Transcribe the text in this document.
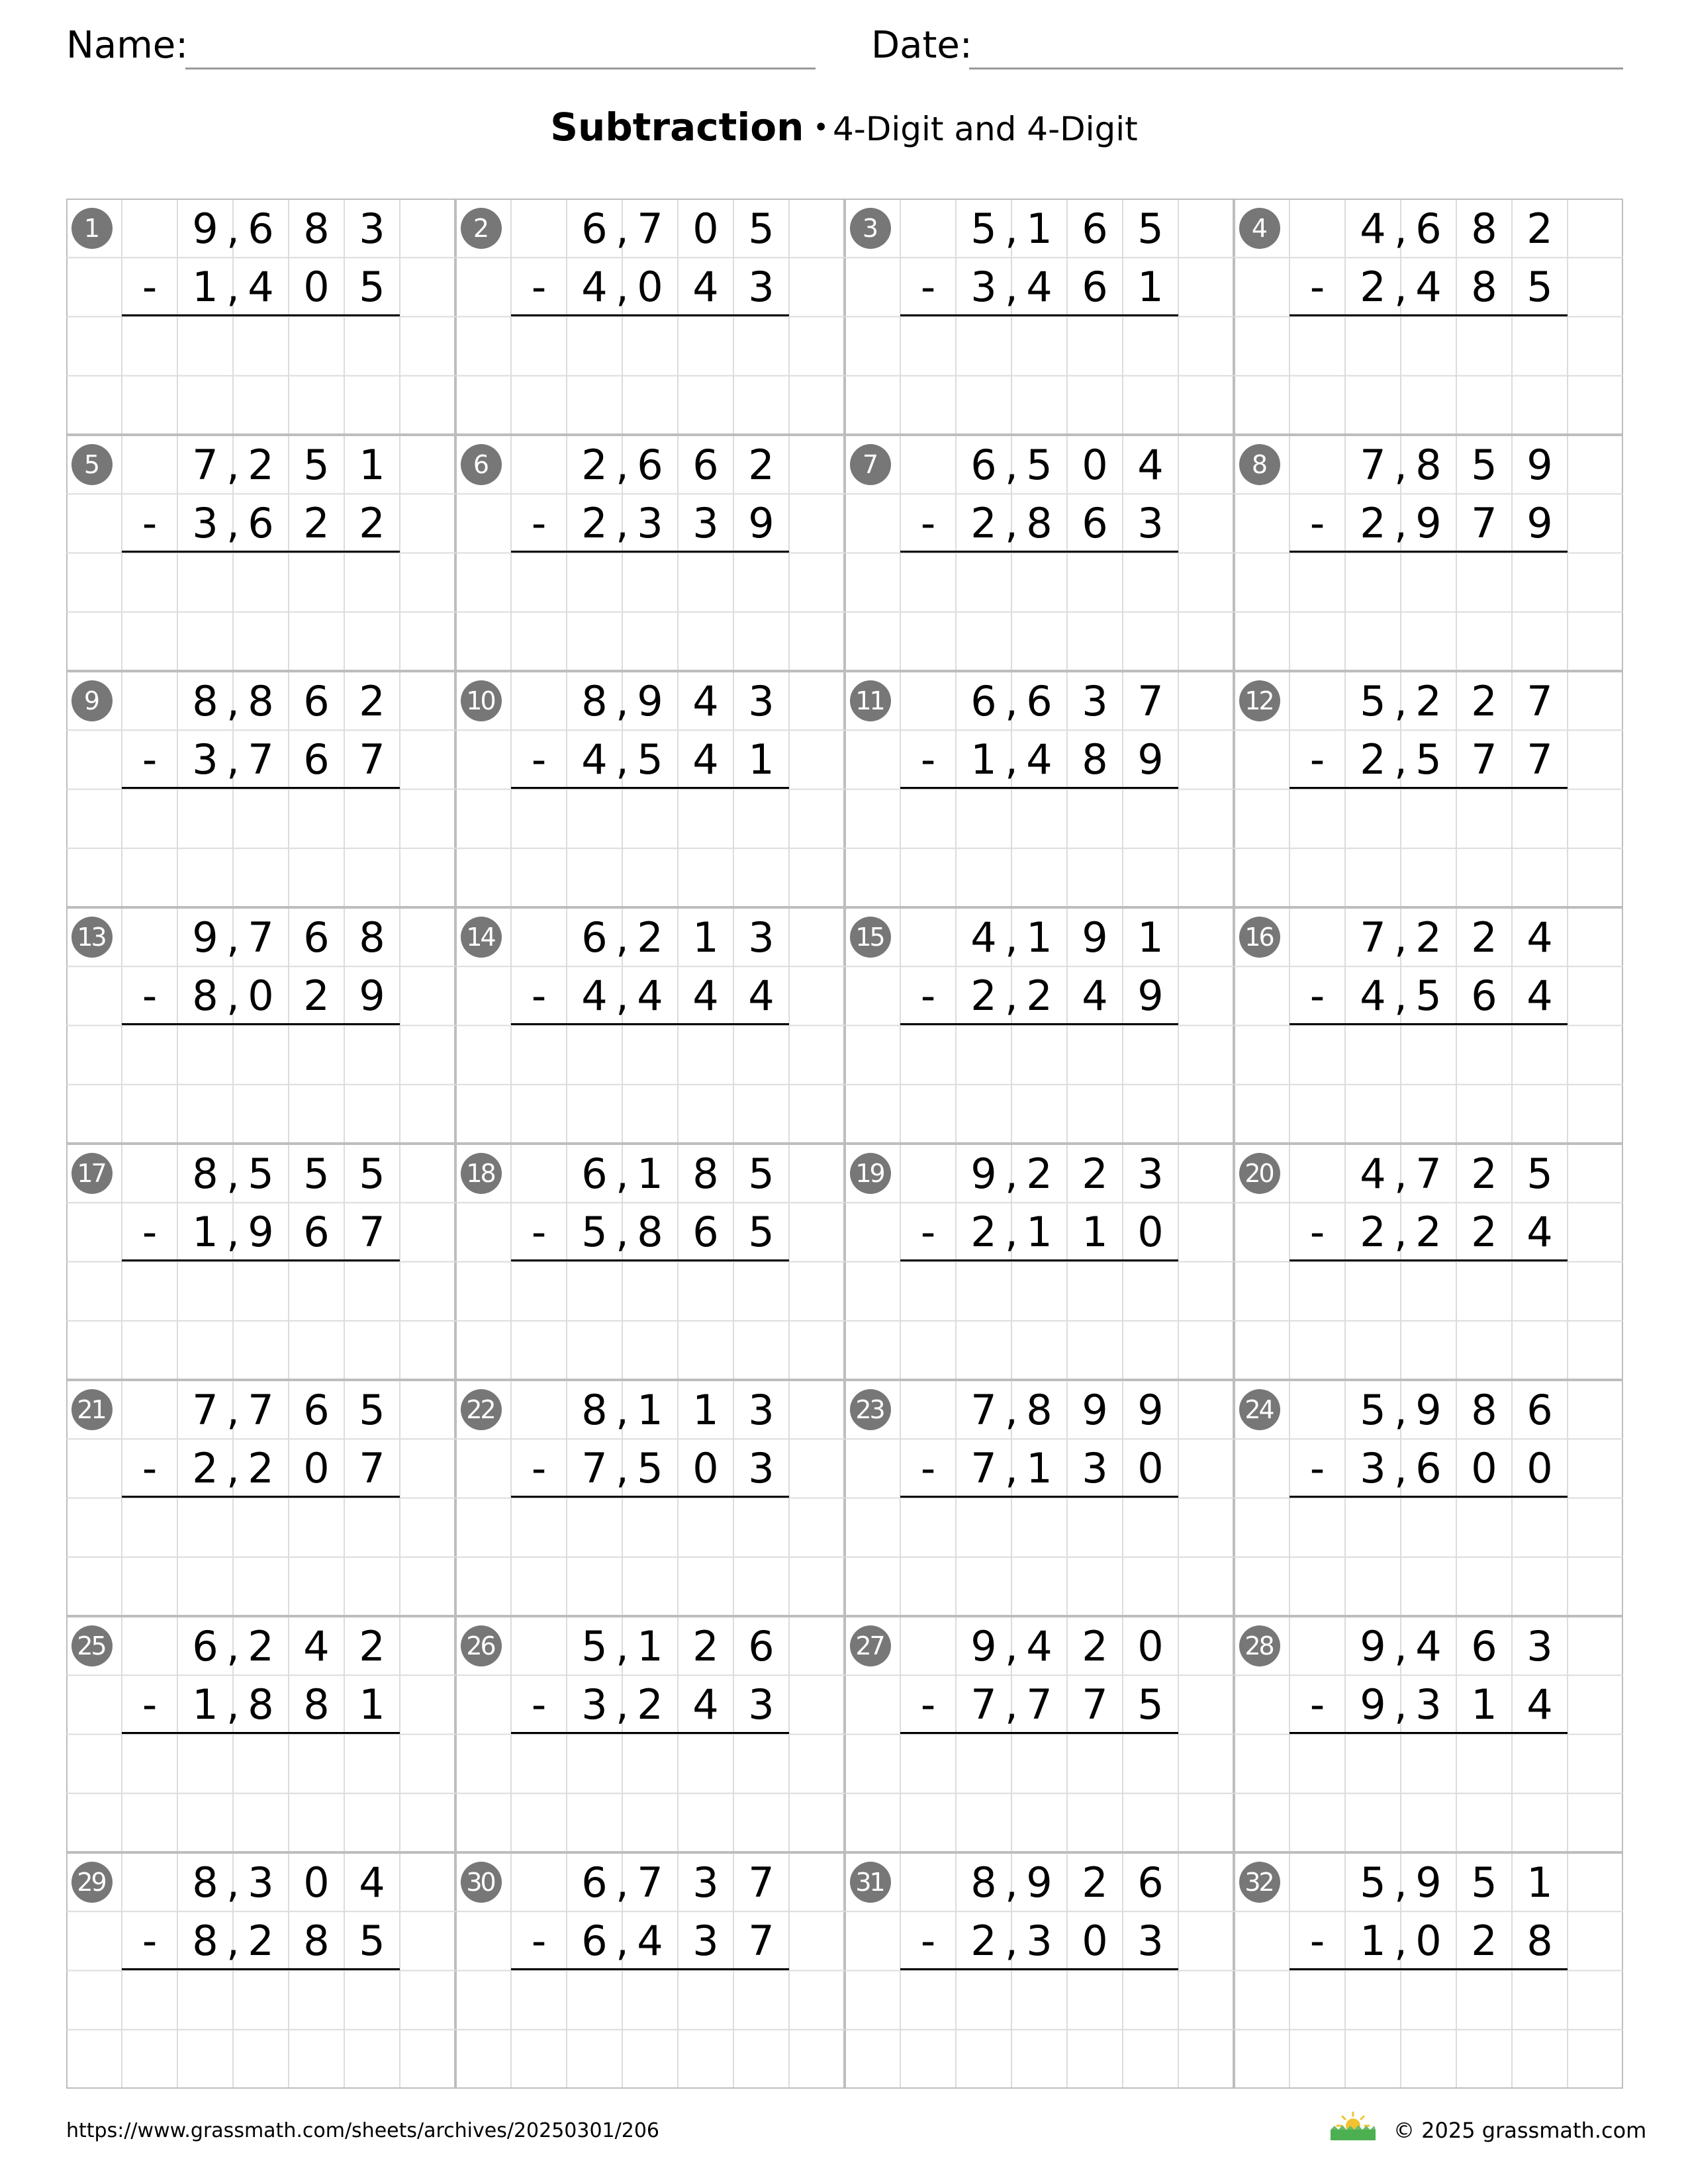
Name:	Date:
Subtraction • 4-Digit and 4-Digit
1	9 6 8 3
,
1 4 0 5
,
-
2	6 7 0 5
,
4 0 4 3
,
-
3	5 1 6 5
,
3 4 6 1
,
-
4	4 6 8 2
,
2 4 8 5
,
-
5	7 2 5 1
,
3 6 2 2
,
-
6	2 6 6 2
,
2 3 3 9
,
-
7	6 5 0 4
,
2 8 6 3
,
-
8	7 8 5 9
,
2 9 7 9
,
-
9	8 8 6 2
,
3 7 6 7
,
-
10	8 9 4 3
,
4 5 4 1
,
-
11	6 6 3 7
,
1 4 8 9
,
-
12	5 2 2 7
,
2 5 7 7
,
-
13	9 7 6 8
,
8 0 2 9
,
-
14	6 2 1 3
,
4 4 4 4
,
-
15	4 1 9 1
,
2 2 4 9
,
-
16	7 2 2 4
,
4 5 6 4
,
-
17	8 5 5 5
,
1 9 6 7
,
-
18	6 1 8 5
,
5 8 6 5
,
-
19	9 2 2 3
,
2 1 1 0
,
-
20	4 7 2 5
,
2 2 2 4
,
-
21	7 7 6 5
,
2 2 0 7
,
-
22	8 1 1 3
,
7 5 0 3
,
-
23	7 8 9 9
,
7 1 3 0
,
-
24	5 9 8 6
,
3 6 0 0
,
-
25	6 2 4 2
,
1 8 8 1
,
-
26	5 1 2 6
,
3 2 4 3
,
-
27	9 4 2 0
,
7 7 7 5
,
-
28	9 4 6 3
,
9 3 1 4
,
-
29	8 3 0 4
,
8 2 8 5
,
-
30	6 7 3 7
,
6 4 3 7
,
-
31	8 9 2 6
,
2 3 0 3
,
-
32	5 9 5 1
,
1 0 2 8
,
-
https://www.grassmath.com/sheets/archives/20250301/206	© 2025 grassmath.com
